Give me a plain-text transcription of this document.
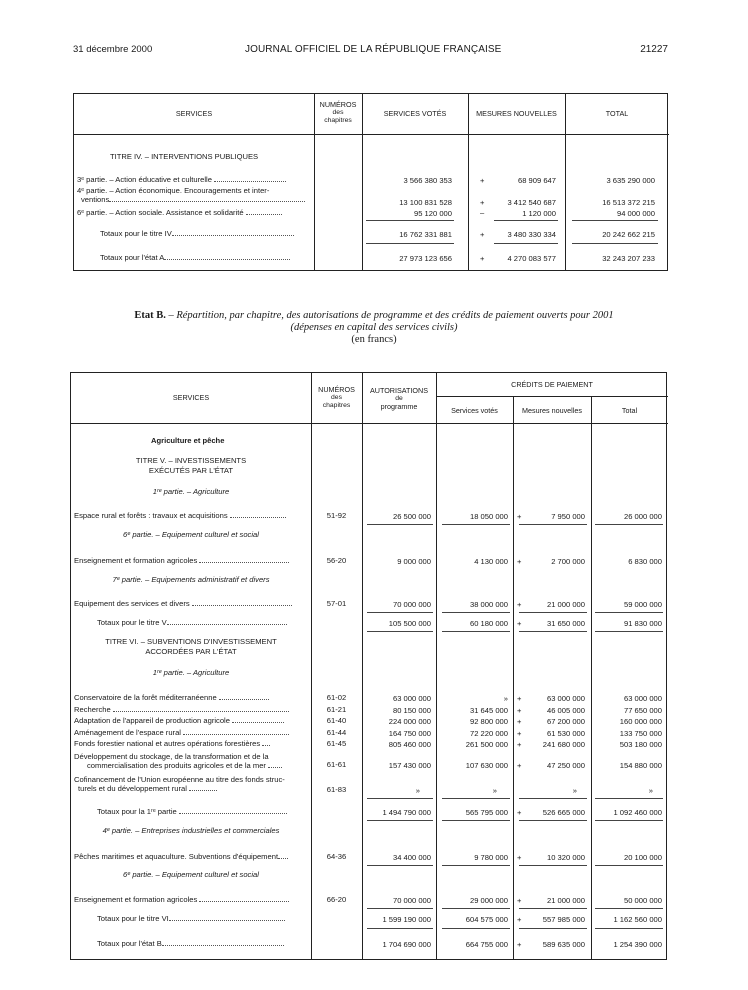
31 décembre 2000	JOURNAL OFFICIEL DE LA RÉPUBLIQUE FRANÇAISE	21227
SERVICES
NUMÉROS
des
chapitres
SERVICES VOTÉS	MESURES NOUVELLES	TOTAL
TITRE IV. – INTERVENTIONS PUBLIQUES
3ᵉ partie. – Action éducative et culturelle	3 566 380 353	+	68 909 647	3 635 290 000
4ᵉ partie. – Action économique. Encouragements et inter-
ventions	13 100 831 528	+	3 412 540 687	16 513 372 215
6ᵉ partie. – Action sociale. Assistance et solidarité	95 120 000	–	1 120 000	94 000 000
Totaux pour le titre IV	16 762 331 881	+	3 480 330 334	20 242 662 215
Totaux pour l'état A	27 973 123 656	+	4 270 083 577	32 243 207 233
Etat B. – Répartition, par chapitre, des autorisations de programme et des crédits de paiement ouverts pour 2001
(dépenses en capital des services civils)
(en francs)
SERVICES
NUMÉROS
des
chapitres
AUTORISATIONS
de
programme
CRÉDITS DE PAIEMENT
Services votés	Mesures nouvelles	Total
Agriculture et pêche
TITRE V. – INVESTISSEMENTS
EXÉCUTÉS PAR L'ÉTAT
1ʳᵉ partie. – Agriculture
Espace rural et forêts : travaux et acquisitions	51-92	26 500 000	18 050 000 +	7 950 000	26 000 000
6ᵉ partie. – Equipement culturel et social
Enseignement et formation agricoles	56-20	9 000 000	4 130 000 +	2 700 000	6 830 000
7ᵉ partie. – Equipements administratif et divers
Equipement des services et divers	57-01	70 000 000	38 000 000 +	21 000 000	59 000 000
Totaux pour le titre V	105 500 000	60 180 000 +	31 650 000	91 830 000
TITRE VI. – SUBVENTIONS D'INVESTISSEMENT
ACCORDÉES PAR L'ÉTAT
1ʳᵉ partie. – Agriculture
Conservatoire de la forêt méditerranéenne	61-02	63 000 000	» +	63 000 000	63 000 000
Recherche	61-21	80 150 000	31 645 000 +	46 005 000	77 650 000
Adaptation de l'appareil de production agricole	61-40	224 000 000	92 800 000 +	67 200 000	160 000 000
Aménagement de l'espace rural	61-44	164 750 000	72 220 000 +	61 530 000	133 750 000
Fonds forestier national et autres opérations forestières	61-45	805 460 000	261 500 000 +	241 680 000	503 180 000
Développement du stockage, de la transformation et de la
commercialisation des produits agricoles et de la mer	61-61	157 430 000	107 630 000 +	47 250 000	154 880 000
Cofinancement de l'Union européenne au titre des fonds struc-
turels et du développement rural	61-83	»	»	»	»
Totaux pour la 1ʳᵉ partie	1 494 790 000	565 795 000 +	526 665 000	1 092 460 000
4ᵉ partie. – Entreprises industrielles et commerciales
Pêches maritimes et aquaculture. Subventions d'équipement	64-36	34 400 000	9 780 000 +	10 320 000	20 100 000
6ᵉ partie. – Equipement culturel et social
Enseignement et formation agricoles	66-20	70 000 000	29 000 000 +	21 000 000	50 000 000
Totaux pour le titre VI	1 599 190 000	604 575 000 +	557 985 000	1 162 560 000
Totaux pour l'état B	1 704 690 000	664 755 000 +	589 635 000	1 254 390 000
